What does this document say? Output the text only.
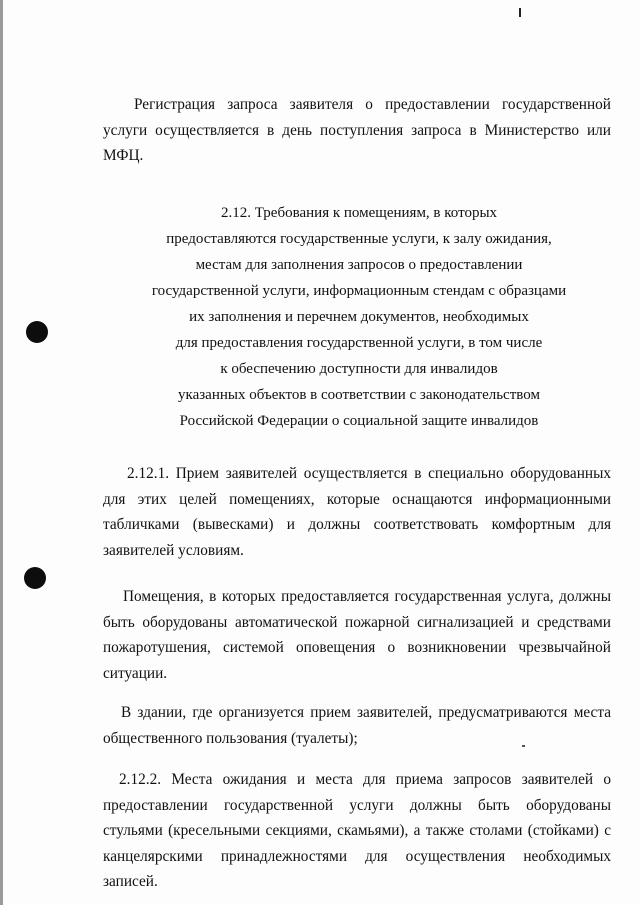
Регистрация запроса заявителя о предоставлении государственной услуги осуществляется в день поступления запроса в Министерство или МФЦ.

2.12. Требования к помещениям, в которых
предоставляются государственные услуги, к залу ожидания,
местам для заполнения запросов о предоставлении
государственной услуги, информационным стендам с образцами
их заполнения и перечнем документов, необходимых
для предоставления государственной услуги, в том числе
к обеспечению доступности для инвалидов
указанных объектов в соответствии с законодательством
Российской Федерации о социальной защите инвалидов

2.12.1. Прием заявителей осуществляется в специально оборудованных для этих целей помещениях, которые оснащаются информационными табличками (вывесками) и должны соответствовать комфортным для заявителей условиям.

Помещения, в которых предоставляется государственная услуга, должны быть оборудованы автоматической пожарной сигнализацией и средствами пожаротушения, системой оповещения о возникновении чрезвычайной ситуации.

В здании, где организуется прием заявителей, предусматриваются места общественного пользования (туалеты);

2.12.2. Места ожидания и места для приема запросов заявителей о предоставлении государственной услуги должны быть оборудованы стульями (кресельными секциями, скамьями), а также столами (стойками) с канцелярскими принадлежностями для осуществления необходимых записей.
